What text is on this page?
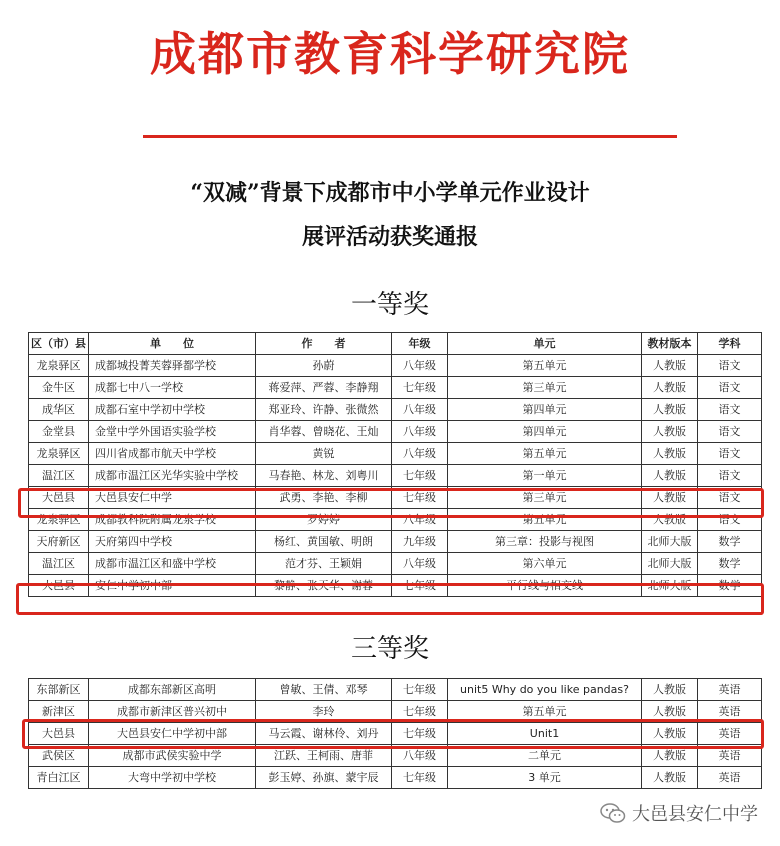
成都市教育科学研究院
“双减”背景下成都市中小学单元作业设计
展评活动获奖通报
一等奖
区（市）县	单　　位	作　　者	年级	单元	教材版本	学科
龙泉驿区	成都城投菁芙蓉驿都学校	孙蔚	八年级	第五单元	人教版	语文
金牛区	成都七中八一学校	蒋爱萍、严蓉、李静翔	七年级	第三单元	人教版	语文
成华区	成都石室中学初中学校	郑亚玲、许静、张微然	八年级	第四单元	人教版	语文
金堂县	金堂中学外国语实验学校	肖华蓉、曾晓花、王灿	八年级	第四单元	人教版	语文
龙泉驿区	四川省成都市航天中学校	黄锐	八年级	第五单元	人教版	语文
温江区	成都市温江区光华实验中学校	马春艳、林龙、刘粤川	七年级	第一单元	人教版	语文
大邑县	大邑县安仁中学	武勇、李艳、李柳	七年级	第三单元	人教版	语文
龙泉驿区	成都教科院附属龙泉学校	罗婷婷	八年级	第五单元	人教版	语文
天府新区	天府第四中学校	杨红、黄国敏、明朗	九年级	第三章：投影与视图	北师大版	数学
温江区	成都市温江区和盛中学校	范才芬、王颖娟	八年级	第六单元	北师大版	数学
大邑县	安仁中学初中部	黎静、张天华、谢蓉	七年级	平行线与相交线	北师大版	数学
三等奖
东部新区	成都东部新区高明	曾敏、王倩、邓琴	七年级	unit5 Why do you like pandas?	人教版	英语
新津区	成都市新津区普兴初中	李玲	七年级	第五单元	人教版	英语
大邑县	大邑县安仁中学初中部	马云霞、谢林伶、刘丹	七年级	Unit1	人教版	英语
武侯区	成都市武侯实验中学	江跃、王柯雨、唐菲	八年级	二单元	人教版	英语
青白江区	大弯中学初中学校	彭玉婷、孙旗、蒙宇辰	七年级	3 单元	人教版	英语
大邑县安仁中学
